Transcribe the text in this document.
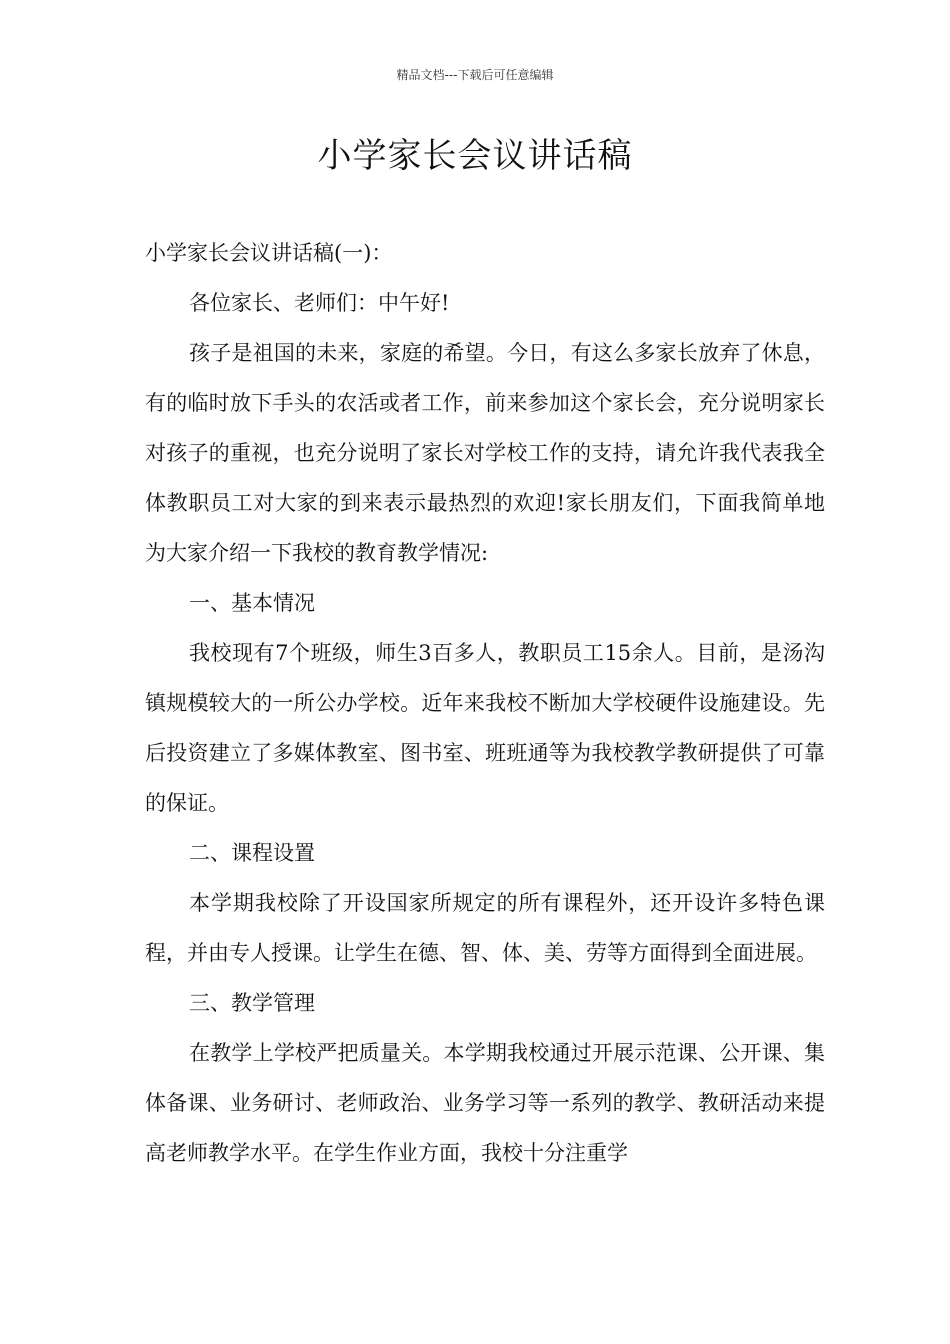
精品文档---下载后可任意编辑
小学家长会议讲话稿

小学家长会议讲话稿(一)：

各位家长、老师们：中午好!

孩子是祖国的未来，家庭的希望。今日，有这么多家长放弃了休息，有的临时放下手头的农活或者工作，前来参加这个家长会，充分说明家长对孩子的重视，也充分说明了家长对学校工作的支持，请允许我代表我全体教职员工对大家的到来表示最热烈的欢迎!家长朋友们，下面我简单地为大家介绍一下我校的教育教学情况:

一、基本情况

我校现有7个班级，师生3百多人，教职员工15余人。目前，是汤沟镇规模较大的一所公办学校。近年来我校不断加大学校硬件设施建设。先后投资建立了多媒体教室、图书室、班班通等为我校教学教研提供了可靠的保证。

二、课程设置

本学期我校除了开设国家所规定的所有课程外，还开设许多特色课程，并由专人授课。让学生在德、智、体、美、劳等方面得到全面进展。

三、教学管理

在教学上学校严把质量关。本学期我校通过开展示范课、公开课、集体备课、业务研讨、老师政治、业务学习等一系列的教学、教研活动来提高老师教学水平。在学生作业方面，我校十分注重学
